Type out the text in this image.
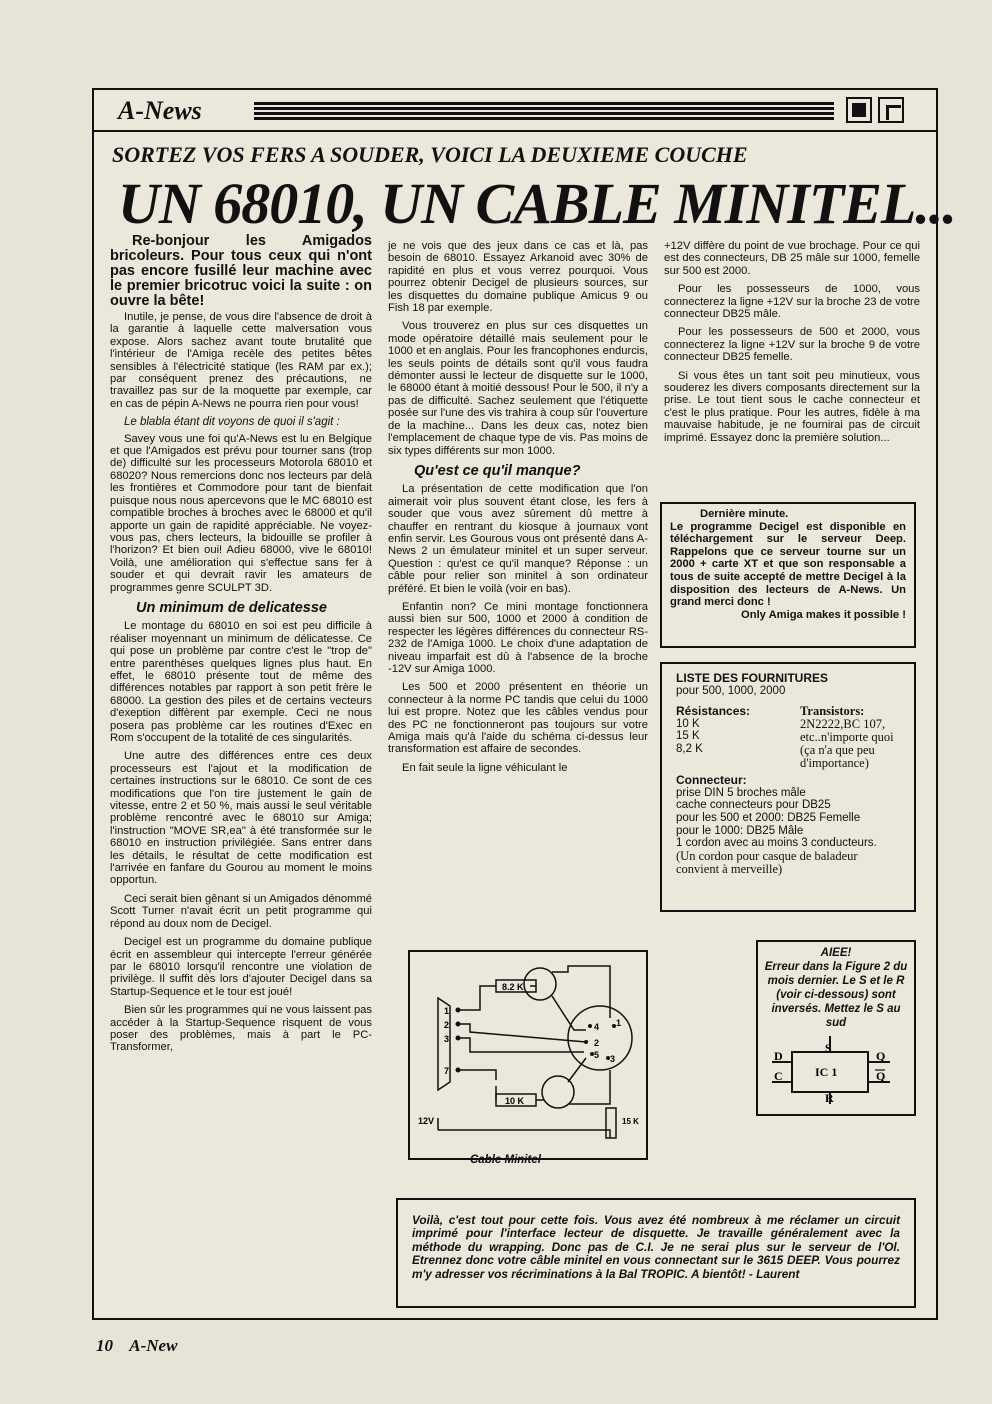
A-News
SORTEZ VOS FERS A SOUDER, VOICI LA DEUXIEME COUCHE
UN 68010, UN CABLE MINITEL...
Re-bonjour les Amigados bricoleurs. Pour tous ceux qui n'ont pas encore fusillé leur machine avec le premier bricotruc voici la suite : on ouvre la bête!

Inutile, je pense, de vous dire l'absence de droit à la garantie à laquelle cette malversation vous expose. Alors sachez avant toute brutalité que l'intérieur de l'Amiga recèle des petites bêtes sensibles à l'électricité statique (les RAM par ex.); par conséquent prenez des précautions, ne travaillez pas sur de la moquette par exemple, car en cas de pépin A-News ne pourra rien pour vous!

Le blabla étant dit voyons de quoi il s'agit :

Savey vous une foi qu'A-News est lu en Belgique et que l'Amigados est prévu pour tourner sans (trop de) difficulté sur les processeurs Motorola 68010 et 68020? Nous remercions donc nos lecteurs par delà les frontières et Commodore pour tant de bienfait puisque nous nous apercevons que le MC 68010 est compatible broches à broches avec le 68000 et qu'il apporte un gain de rapidité appréciable. Ne voyez-vous pas, chers lecteurs, la bidouille se profiler à l'horizon? Et bien oui! Adieu 68000, vive le 68010! Voilà, une amélioration qui s'effectue sans fer à souder et qui devrait ravir les amateurs de programmes genre SCULPT 3D.

Un minimum de delicatesse

Le montage du 68010 en soi est peu difficile à réaliser moyennant un minimum de délicatesse. Ce qui pose un problème par contre c'est le "trop de" entre parenthèses quelques lignes plus haut. En effet, le 68010 présente tout de même des différences notables par rapport à son petit frère le 68000. La gestion des piles et de certains vecteurs d'exeption diffèrent par exemple. Ceci ne nous posera pas problème car les routines d'Exec en Rom s'occupent de la totalité de ces singularités.

Une autre des différences entre ces deux processeurs est l'ajout et la modification de certaines instructions sur le 68010. Ce sont de ces modifications que l'on tire justement le gain de vitesse, entre 2 et 50 %, mais aussi le seul véritable problème rencontré avec le 68010 sur Amiga; l'instruction "MOVE SR,ea" à été transformée sur le 68010 en instruction privilégiée. Sans entrer dans les détails, le résultat de cette modification est l'arrivée en fanfare du Gourou au moment le moins opportun.

Ceci serait bien gênant si un Amigados dénommé Scott Turner n'avait écrit un petit programme qui répond au doux nom de Decigel.

Decigel est un programme du domaine publique écrit en assembleur qui intercepte l'erreur générée par le 68010 lorsqu'il rencontre une violation de privilège. Il suffit dès lors d'ajouter Decigel dans sa Startup-Sequence et le tour est joué!

Bien sûr les programmes qui ne vous laissent pas accéder à la Startup-Sequence risquent de vous poser des problèmes, mais à part le PC-Transformer,

je ne vois que des jeux dans ce cas et là, pas besoin de 68010. Essayez Arkanoid avec 30% de rapidité en plus et vous verrez pourquoi. Vous pourrez obtenir Decigel de plusieurs sources, sur les disquettes du domaine publique Amicus 9 ou Fish 18 par exemple.

Vous trouverez en plus sur ces disquettes un mode opératoire détaillé mais seulement pour le 1000 et en anglais. Pour les francophones endurcis, les seuls points de détails sont qu'il vous faudra démonter aussi le lecteur de disquette sur le 1000, le 68000 étant à moitié dessous! Pour le 500, il n'y a pas de difficulté. Sachez seulement que l'étiquette posée sur l'une des vis trahira à coup sûr l'ouverture de la machine... Dans les deux cas, notez bien l'emplacement de chaque type de vis. Pas moins de six types différents sur mon 1000.

Qu'est ce qu'il manque?

La présentation de cette modification que l'on aimerait voir plus souvent étant close, les fers à souder que vous avez sûrement dû mettre à chauffer en rentrant du kiosque à journaux vont enfin servir. Les Gourous vous ont présenté dans A-News 2 un émulateur minitel et un super serveur. Question : qu'est ce qu'il manque? Réponse : un câble pour relier son minitel à son ordinateur préféré. Et bien le voilà (voir en bas).

Enfantin non? Ce mini montage fonctionnera aussi bien sur 500, 1000 et 2000 à condition de respecter les légères différences du connecteur RS-232 de l'Amiga 1000. Le choix d'une adaptation de niveau imparfait est dû à l'absence de la broche -12V sur Amiga 1000.

Les 500 et 2000 présentent en théorie un connecteur à la norme PC tandis que celui du 1000 lui est propre. Notez que les câbles vendus pour des PC ne fonctionneront pas toujours sur votre Amiga mais qu'à l'aide du schéma ci-dessus leur transformation est affaire de secondes.

En fait seule la ligne véhiculant le

+12V diffère du point de vue brochage. Pour ce qui est des connecteurs, DB 25 mâle sur 1000, femelle sur 500 est 2000.

Pour les possesseurs de 1000, vous connecterez la ligne +12V sur la broche 23 de votre connecteur DB25 mâle.

Pour les possesseurs de 500 et 2000, vous connecterez la ligne +12V sur la broche 9 de votre connecteur DB25 femelle.

Si vous êtes un tant soit peu minutieux, vous souderez les divers composants directement sur la prise. Le tout tient sous le cache connecteur et c'est le plus pratique. Pour les autres, fidèle à ma mauvaise habitude, je ne fournirai pas de circuit imprimé. Essayez donc la première solution...

Dernière minute.
Le programme Decigel est disponible en téléchargement sur le serveur Deep. Rappelons que ce serveur tourne sur un 2000 + carte XT et que son responsable a tous de suite accepté de mettre Decigel à la disposition des lecteurs de A-News. Un grand merci donc !
Only Amiga makes it possible !
LISTE DES FOURNITURES
pour 500, 1000, 2000
Résistances:
10 K
15 K
8,2 K
Transistors:
2N2222,BC 107, etc..n'importe quoi (ça n'a que peu d'importance)
Connecteur:
prise DIN 5 broches mâle
cache connecteurs pour DB25
pour les 500 et 2000: DB25 Femelle
pour le 1000: DB25 Mâle
1 cordon avec au moins 3 conducteurs.
(Un cordon pour casque de baladeur convient à merveille)
AIEE!
Erreur dans la Figure 2 du mois dernier. Le S et le R (voir ci-dessous) sont inversés. Mettez le S au sud
S
IC 1
R
D
C
Q
Q
8.2 K
10 K
15 K
12V
1
2
3
7
1
2
3
4
5
Cable Minitel
Voilà, c'est tout pour cette fois. Vous avez été nombreux à me réclamer un circuit imprimé pour l'interface lecteur de disquette. Je travaille généralement avec la méthode du wrapping. Donc pas de C.I. Je ne serai plus sur le serveur de l'Ol. Etrennez donc votre câble minitel en vous connectant sur le 3615 DEEP. Vous pourrez m'y adresser vos récriminations à la Bal TROPIC. A bientôt! - Laurent
10 A-New
